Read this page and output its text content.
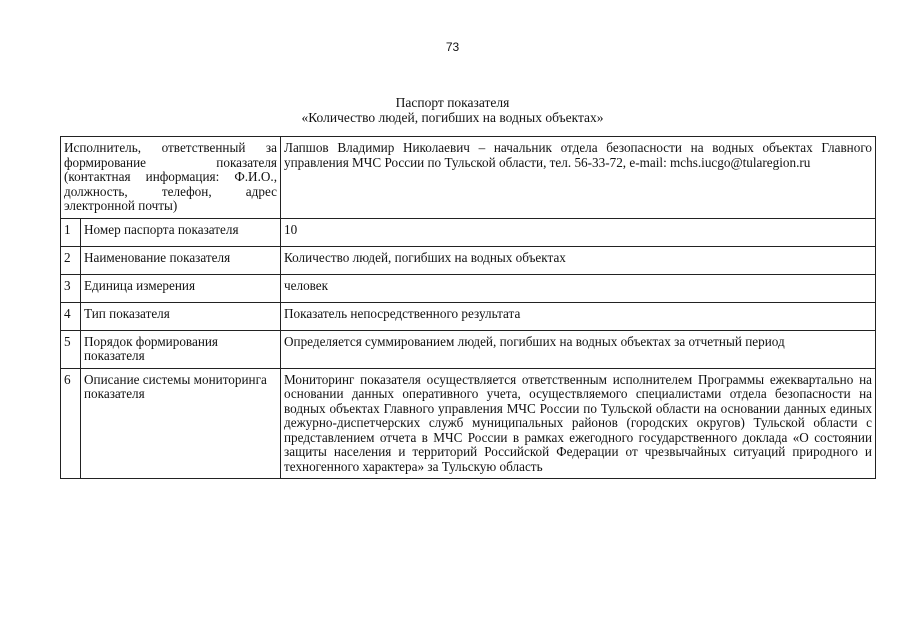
73
Паспорт показателя
«Количество людей, погибших на водных объектах»
Исполнитель, ответственный за формирование показателя (контактная информация: Ф.И.О., должность, телефон, адрес электронной почты)		Лапшов Владимир Николаевич – начальник отдела безопасности на водных объектах Главного управления МЧС России по Тульской области, тел. 56-33-72, e-mail: mchs.iucgo@tularegion.ru
1	Номер паспорта показателя	10
2	Наименование показателя	Количество людей, погибших на водных объектах
3	Единица измерения	человек
4	Тип показателя	Показатель непосредственного результата
5	Порядок формирования показателя	Определяется суммированием людей, погибших на водных объектах за отчетный период
6	Описание системы мониторинга показателя	Мониторинг показателя осуществляется ответственным исполнителем Программы ежеквартально на основании данных оперативного учета, осуществляемого специалистами отдела безопасности на водных объектах Главного управления МЧС России по Тульской области на основании данных единых дежурно-диспетчерских служб муниципальных районов (городских округов) Тульской области с представлением отчета в МЧС России в рамках ежегодного государственного доклада «О состоянии защиты населения и территорий Российской Федерации от чрезвычайных ситуаций природного и техногенного характера» за Тульскую область
